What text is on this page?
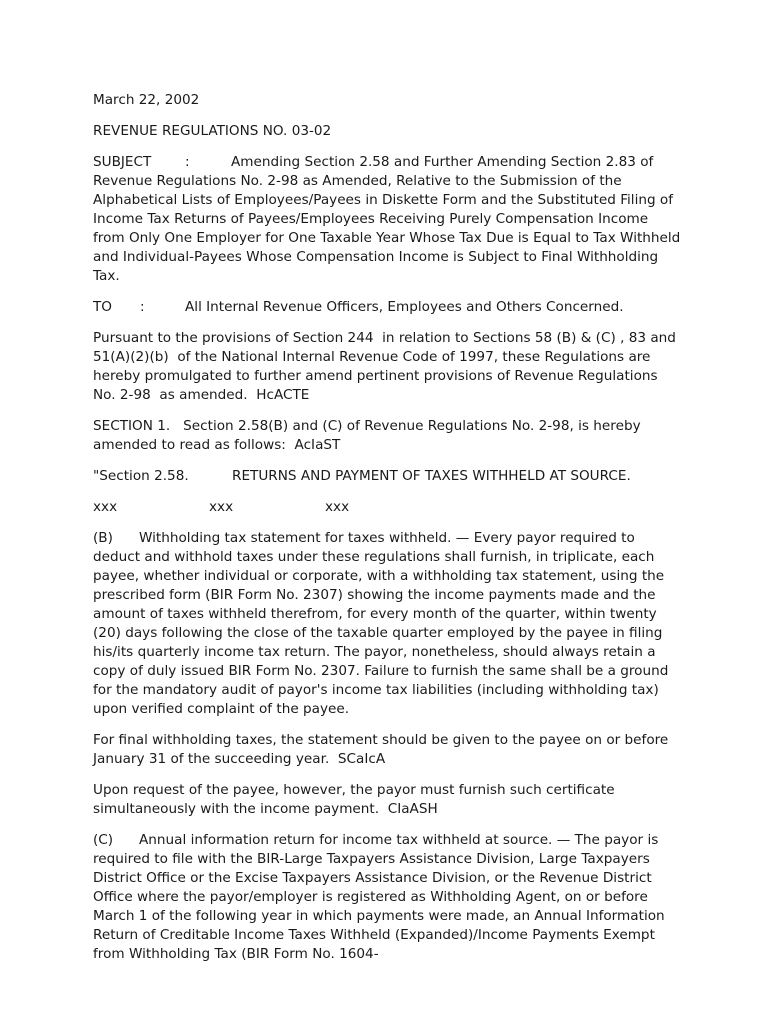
March 22, 2002

REVENUE REGULATIONS NO. 03-02

SUBJECT :	Amending Section 2.58 and Further Amending Section 2.83 of Revenue Regulations No. 2-98 as Amended, Relative to the Submission of the Alphabetical Lists of Employees/Payees in Diskette Form and the Substituted Filing of Income Tax Returns of Payees/Employees Receiving Purely Compensation Income from Only One Employer for One Taxable Year Whose Tax Due is Equal to Tax Withheld and Individual-Payees Whose Compensation Income is Subject to Final Withholding Tax.

TO :	All Internal Revenue Officers, Employees and Others Concerned.

Pursuant to the provisions of Section 244  in relation to Sections 58 (B) & (C) , 83 and 51(A)(2)(b)  of the National Internal Revenue Code of 1997, these Regulations are hereby promulgated to further amend pertinent provisions of Revenue Regulations No. 2-98  as amended.  HcACTE

SECTION 1.   Section 2.58(B) and (C) of Revenue Regulations No. 2-98, is hereby amended to read as follows:  AcIaST

"Section 2.58.	RETURNS AND PAYMENT OF TAXES WITHHELD AT SOURCE.

xxx	xxx	xxx

(B) Withholding tax statement for taxes withheld. — Every payor required to deduct and withhold taxes under these regulations shall furnish, in triplicate, each payee, whether individual or corporate, with a withholding tax statement, using the prescribed form (BIR Form No. 2307) showing the income payments made and the amount of taxes withheld therefrom, for every month of the quarter, within twenty (20) days following the close of the taxable quarter employed by the payee in filing his/its quarterly income tax return. The payor, nonetheless, should always retain a copy of duly issued BIR Form No. 2307. Failure to furnish the same shall be a ground for the mandatory audit of payor's income tax liabilities (including withholding tax) upon verified complaint of the payee.

For final withholding taxes, the statement should be given to the payee on or before January 31 of the succeeding year.  SCaIcA

Upon request of the payee, however, the payor must furnish such certificate simultaneously with the income payment.  CIaASH

(C) Annual information return for income tax withheld at source. — The payor is required to file with the BIR-Large Taxpayers Assistance Division, Large Taxpayers District Office or the Excise Taxpayers Assistance Division, or the Revenue District Office where the payor/employer is registered as Withholding Agent, on or before March 1 of the following year in which payments were made, an Annual Information Return of Creditable Income Taxes Withheld (Expanded)/Income Payments Exempt from Withholding Tax (BIR Form No. 1604-
